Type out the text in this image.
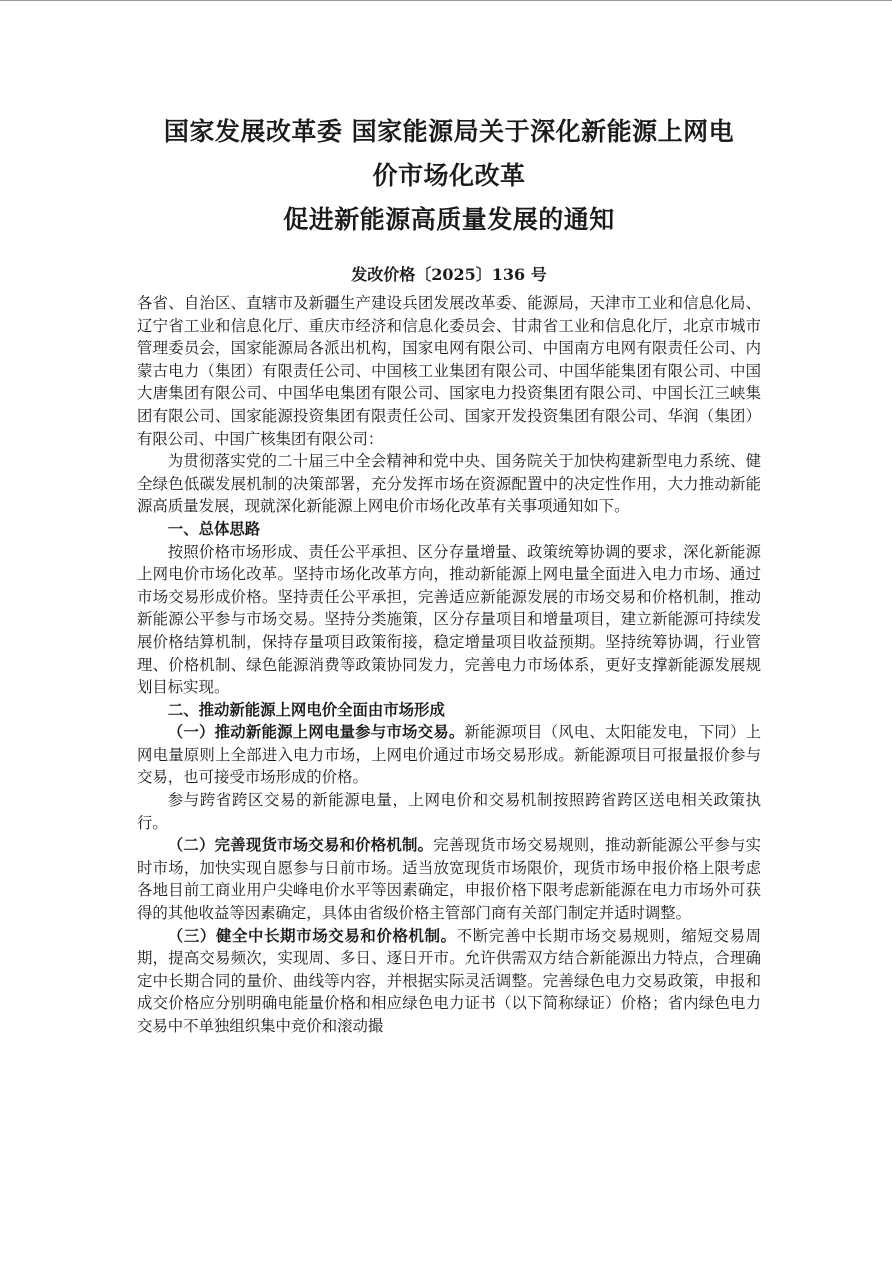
国家发展改革委 国家能源局关于深化新能源上网电
价市场化改革
促进新能源高质量发展的通知
发改价格〔2025〕136 号

各省、自治区、直辖市及新疆生产建设兵团发展改革委、能源局，天津市工业和信息化局、辽宁省工业和信息化厅、重庆市经济和信息化委员会、甘肃省工业和信息化厅，北京市城市管理委员会，国家能源局各派出机构，国家电网有限公司、中国南方电网有限责任公司、内蒙古电力（集团）有限责任公司、中国核工业集团有限公司、中国华能集团有限公司、中国大唐集团有限公司、中国华电集团有限公司、国家电力投资集团有限公司、中国长江三峡集团有限公司、国家能源投资集团有限责任公司、国家开发投资集团有限公司、华润（集团）有限公司、中国广核集团有限公司：

为贯彻落实党的二十届三中全会精神和党中央、国务院关于加快构建新型电力系统、健全绿色低碳发展机制的决策部署，充分发挥市场在资源配置中的决定性作用，大力推动新能源高质量发展，现就深化新能源上网电价市场化改革有关事项通知如下。

一、总体思路

按照价格市场形成、责任公平承担、区分存量增量、政策统筹协调的要求，深化新能源上网电价市场化改革。坚持市场化改革方向，推动新能源上网电量全面进入电力市场、通过市场交易形成价格。坚持责任公平承担，完善适应新能源发展的市场交易和价格机制，推动新能源公平参与市场交易。坚持分类施策，区分存量项目和增量项目，建立新能源可持续发展价格结算机制，保持存量项目政策衔接，稳定增量项目收益预期。坚持统筹协调，行业管理、价格机制、绿色能源消费等政策协同发力，完善电力市场体系，更好支撑新能源发展规划目标实现。

二、推动新能源上网电价全面由市场形成

（一）推动新能源上网电量参与市场交易。新能源项目（风电、太阳能发电，下同）上网电量原则上全部进入电力市场，上网电价通过市场交易形成。新能源项目可报量报价参与交易，也可接受市场形成的价格。

参与跨省跨区交易的新能源电量，上网电价和交易机制按照跨省跨区送电相关政策执行。

（二）完善现货市场交易和价格机制。完善现货市场交易规则，推动新能源公平参与实时市场，加快实现自愿参与日前市场。适当放宽现货市场限价，现货市场申报价格上限考虑各地目前工商业用户尖峰电价水平等因素确定，申报价格下限考虑新能源在电力市场外可获得的其他收益等因素确定，具体由省级价格主管部门商有关部门制定并适时调整。

（三）健全中长期市场交易和价格机制。不断完善中长期市场交易规则，缩短交易周期，提高交易频次，实现周、多日、逐日开市。允许供需双方结合新能源出力特点，合理确定中长期合同的量价、曲线等内容，并根据实际灵活调整。完善绿色电力交易政策，申报和成交价格应分别明确电能量价格和相应绿色电力证书（以下简称绿证）价格；省内绿色电力交易中不单独组织集中竞价和滚动撮
